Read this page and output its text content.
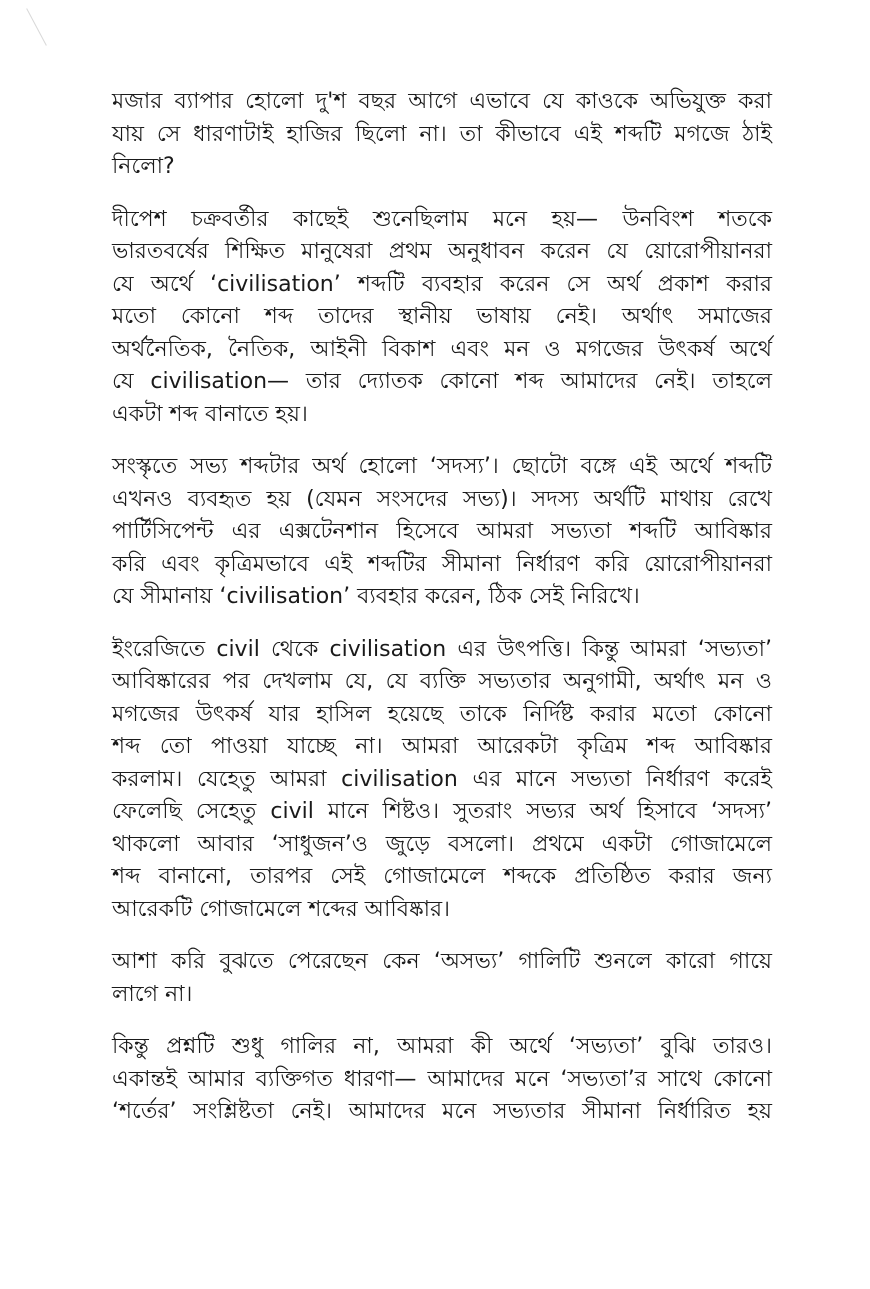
মজার ব্যাপার হোলো দু'শ বছর আগে এভাবে যে কাওকে অভিযুক্ত করা
যায় সে ধারণাটাই হাজির ছিলো না। তা কীভাবে এই শব্দটি মগজে ঠাই
নিলো?
দীপেশ চক্রবর্তীর কাছেই শুনেছিলাম মনে হয়— উনবিংশ শতকে
ভারতবর্ষের শিক্ষিত মানুষেরা প্রথম অনুধাবন করেন যে য়োরোপীয়ানরা
যে অর্থে ‘civilisation’ শব্দটি ব্যবহার করেন সে অর্থ প্রকাশ করার
মতো কোনো শব্দ তাদের স্থানীয় ভাষায় নেই। অর্থাৎ সমাজের
অর্থনৈতিক, নৈতিক, আইনী বিকাশ এবং মন ও মগজের উৎকর্ষ অর্থে
যে civilisation— তার দ্যোতক কোনো শব্দ আমাদের নেই। তাহলে
একটা শব্দ বানাতে হয়।
সংস্কৃতে সভ্য শব্দটার অর্থ হোলো ‘সদস্য’। ছোটো বঙ্গে এই অর্থে শব্দটি
এখনও ব্যবহৃত হয় (যেমন সংসদের সভ্য)। সদস্য অর্থটি মাথায় রেখে
পার্টিসিপেন্ট এর এক্সটেনশান হিসেবে আমরা সভ্যতা শব্দটি আবিষ্কার
করি এবং কৃত্রিমভাবে এই শব্দটির সীমানা নির্ধারণ করি য়োরোপীয়ানরা
যে সীমানায় ‘civilisation’ ব্যবহার করেন, ঠিক সেই নিরিখে।
ইংরেজিতে civil থেকে civilisation এর উৎপত্তি। কিন্তু আমরা ‘সভ্যতা’
আবিষ্কারের পর দেখলাম যে, যে ব্যক্তি সভ্যতার অনুগামী, অর্থাৎ মন ও
মগজের উৎকর্ষ যার হাসিল হয়েছে তাকে নির্দিষ্ট করার মতো কোনো
শব্দ তো পাওয়া যাচ্ছে না। আমরা আরেকটা কৃত্রিম শব্দ আবিষ্কার
করলাম। যেহেতু আমরা civilisation এর মানে সভ্যতা নির্ধারণ করেই
ফেলেছি সেহেতু civil মানে শিষ্টও। সুতরাং সভ্যর অর্থ হিসাবে ‘সদস্য’
থাকলো আবার ‘সাধুজন’ও জুড়ে বসলো। প্রথমে একটা গোজামেলে
শব্দ বানানো, তারপর সেই গোজামেলে শব্দকে প্রতিষ্ঠিত করার জন্য
আরেকটি গোজামেলে শব্দের আবিষ্কার।
আশা করি বুঝতে পেরেছেন কেন ‘অসভ্য’ গালিটি শুনলে কারো গায়ে
লাগে না।
কিন্তু প্রশ্নটি শুধু গালির না, আমরা কী অর্থে ‘সভ্যতা’ বুঝি তারও।
একান্তই আমার ব্যক্তিগত ধারণা— আমাদের মনে ‘সভ্যতা’র সাথে কোনো
‘শর্তের’ সংশ্লিষ্টতা নেই। আমাদের মনে সভ্যতার সীমানা নির্ধারিত হয়
